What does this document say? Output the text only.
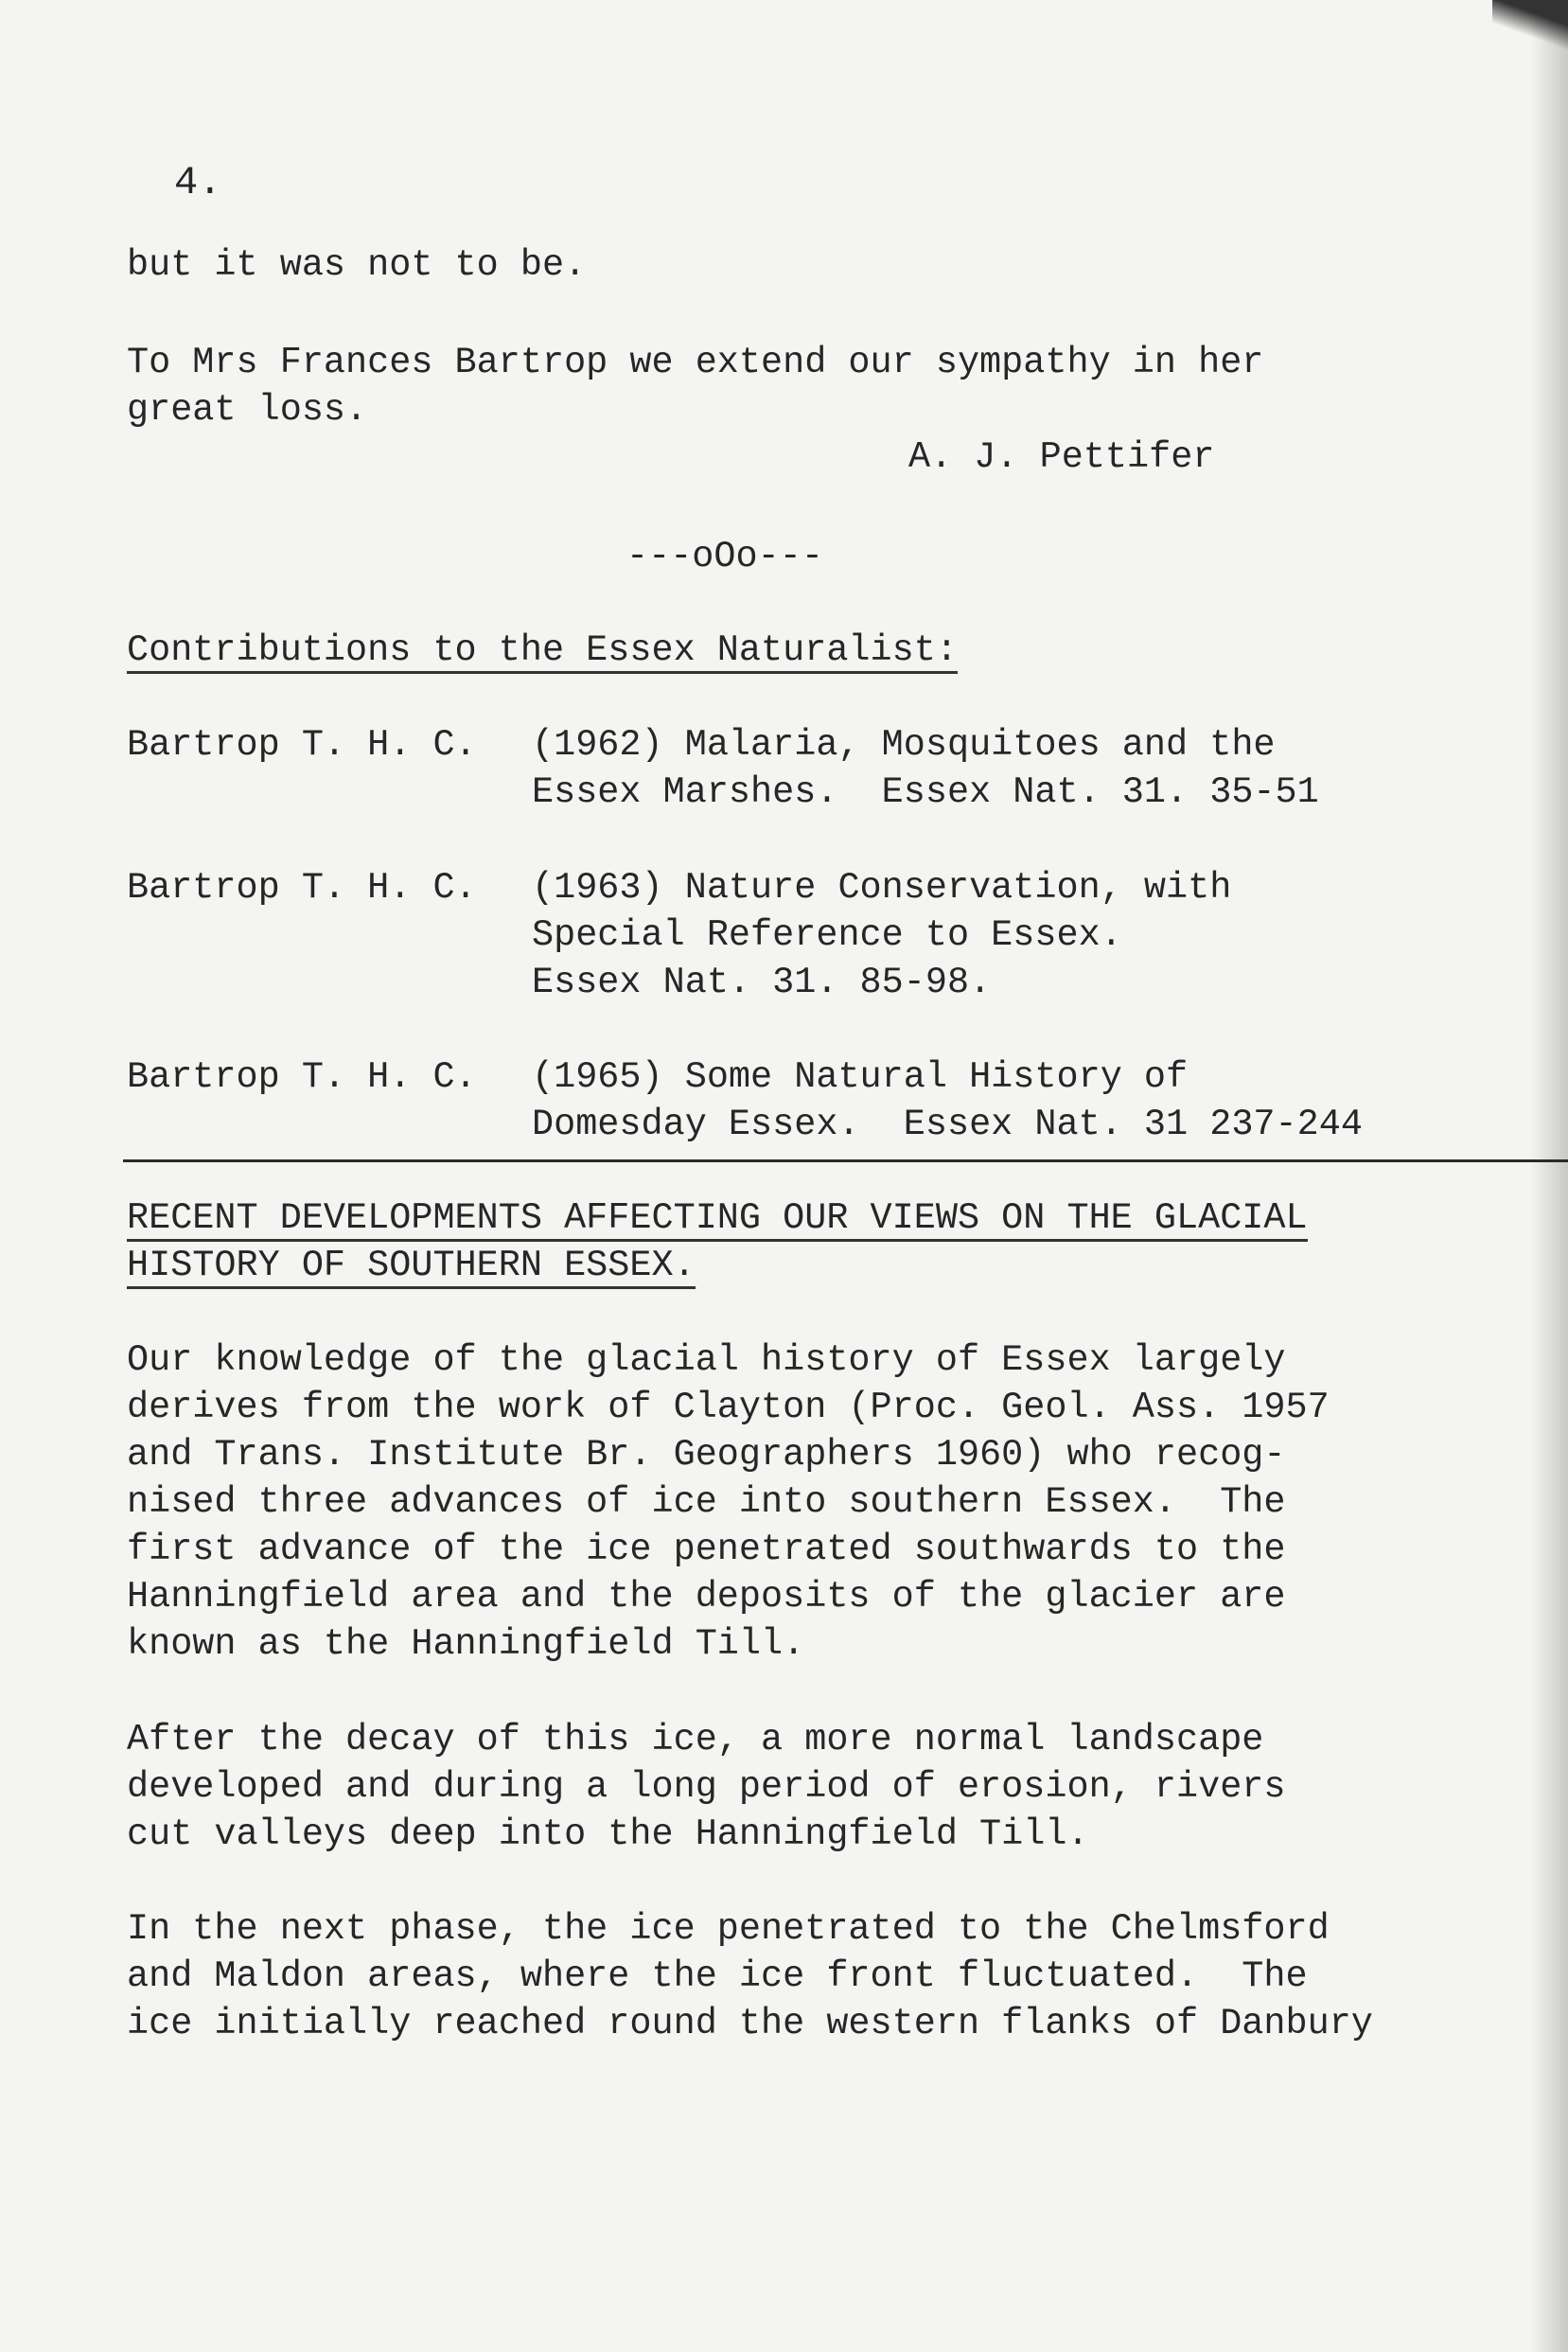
4.
but it was not to be.
To Mrs Frances Bartrop we extend our sympathy in her
great loss.
A. J. Pettifer
---oOo---
Contributions to the Essex Naturalist:
Bartrop T. H. C. (1962) Malaria, Mosquitoes and the
Essex Marshes.  Essex Nat. 31. 35-51
Bartrop T. H. C. (1963) Nature Conservation, with
Special Reference to Essex.
Essex Nat. 31. 85-98.
Bartrop T. H. C. (1965) Some Natural History of
Domesday Essex.  Essex Nat. 31 237-244
RECENT DEVELOPMENTS AFFECTING OUR VIEWS ON THE GLACIAL
HISTORY OF SOUTHERN ESSEX.
Our knowledge of the glacial history of Essex largely
derives from the work of Clayton (Proc. Geol. Ass. 1957
and Trans. Institute Br. Geographers 1960) who recog-
nised three advances of ice into southern Essex.  The
first advance of the ice penetrated southwards to the
Hanningfield area and the deposits of the glacier are
known as the Hanningfield Till.
After the decay of this ice, a more normal landscape
developed and during a long period of erosion, rivers
cut valleys deep into the Hanningfield Till.
In the next phase, the ice penetrated to the Chelmsford
and Maldon areas, where the ice front fluctuated.  The
ice initially reached round the western flanks of Danbury
